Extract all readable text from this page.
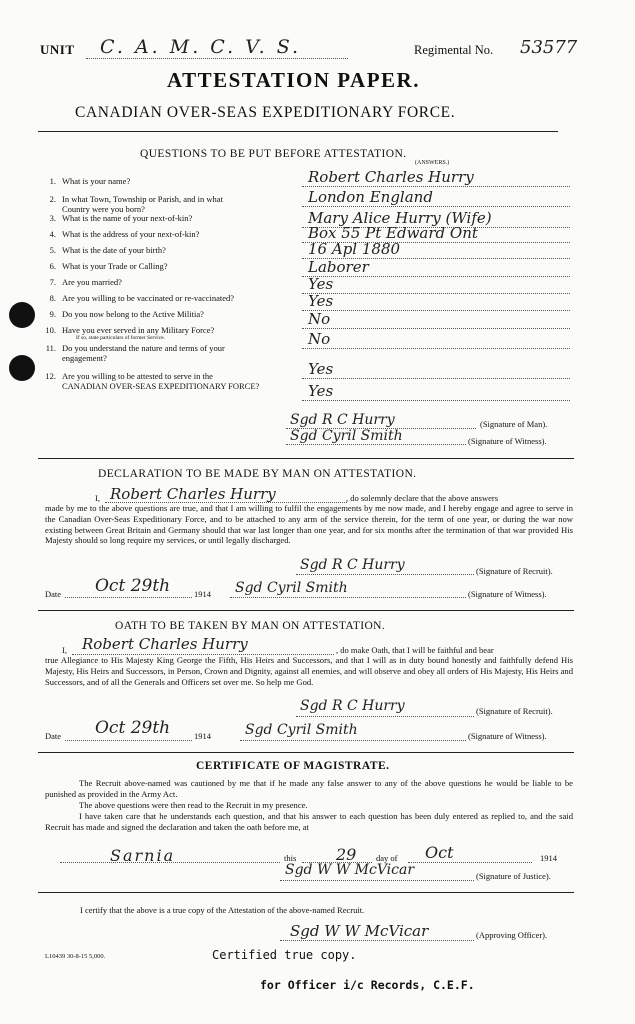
UNIT C. A. M. C. V. S.	Regimental No. 53577
ATTESTATION PAPER.
CANADIAN OVER-SEAS EXPEDITIONARY FORCE.
QUESTIONS TO BE PUT BEFORE ATTESTATION.
(ANSWERS.)
1. What is your name?	Robert Charles Hurry
2. In what Town, Township or Parish, and in what
Country were you born?
London England
3. What is the name of your next-of-kin?	Mary Alice Hurry (Wife)
4. What is the address of your next-of-kin?	Box 55 Pt Edward Ont
5. What is the date of your birth?	16 Apl 1880
6. What is your Trade or Calling?	Laborer
7. Are you married?	Yes
8. Are you willing to be vaccinated or re-vaccinated?	Yes
9. Do you now belong to the Active Militia?	No
10. Have you ever served in any Military Force?
If so, state particulars of former Service.	No
11. Do you understand the nature and terms of your
engagement?
Yes
12. Are you willing to be attested to serve in the
CANADIAN OVER-SEAS EXPEDITIONARY FORCE?	Yes
Sgd R C Hurry	(Signature of Man).
Sgd Cyril Smith	(Signature of Witness).
DECLARATION TO BE MADE BY MAN ON ATTESTATION.
I, Robert Charles Hurry	, do solemnly declare that the above answers
made by me to the above questions are true, and that I am willing to fulfil the engagements by me now made, and I hereby engage and agree to serve in the Canadian Over-Seas Expeditionary Force, and to be attached to any arm of the service therein, for the term of one year, or during the war now existing between Great Britain and Germany should that war last longer than one year, and for six months after the termination of that war provided His Majesty should so long require my services, or until legally discharged.
Sgd R C Hurry	(Signature of Recruit).
Date Oct 29th	1914 Sgd Cyril Smith	(Signature of Witness).
OATH TO BE TAKEN BY MAN ON ATTESTATION.
I, Robert Charles Hurry	, do make Oath, that I will be faithful and bear
true Allegiance to His Majesty King George the Fifth, His Heirs and Successors, and that I will as in duty bound honestly and faithfully defend His Majesty, His Heirs and Successors, in Person, Crown and Dignity, against all enemies, and will observe and obey all orders of His Majesty, His Heirs and Successors, and of all the Generals and Officers set over me. So help me God.
Sgd R C Hurry	(Signature of Recruit).
Date Oct 29th	1914 Sgd Cyril Smith	(Signature of Witness).
CERTIFICATE OF MAGISTRATE.
The Recruit above-named was cautioned by me that if he made any false answer to any of the above questions he would be liable to be punished as provided in the Army Act.
The above questions were then read to the Recruit in my presence.
I have taken care that he understands each question, and that his answer to each question has been duly entered as replied to, and the said Recruit has made and signed the declaration and taken the oath before me, at
Sarnia	this 29 day of Oct	1914
Sgd W W McVicar	(Signature of Justice).
I certify that the above is a true copy of the Attestation of the above-named Recruit.
Sgd W W McVicar	(Approving Officer).
L10439 30-8-15 5,000.	Certified true copy.
for Officer i/c Records, C.E.F.
